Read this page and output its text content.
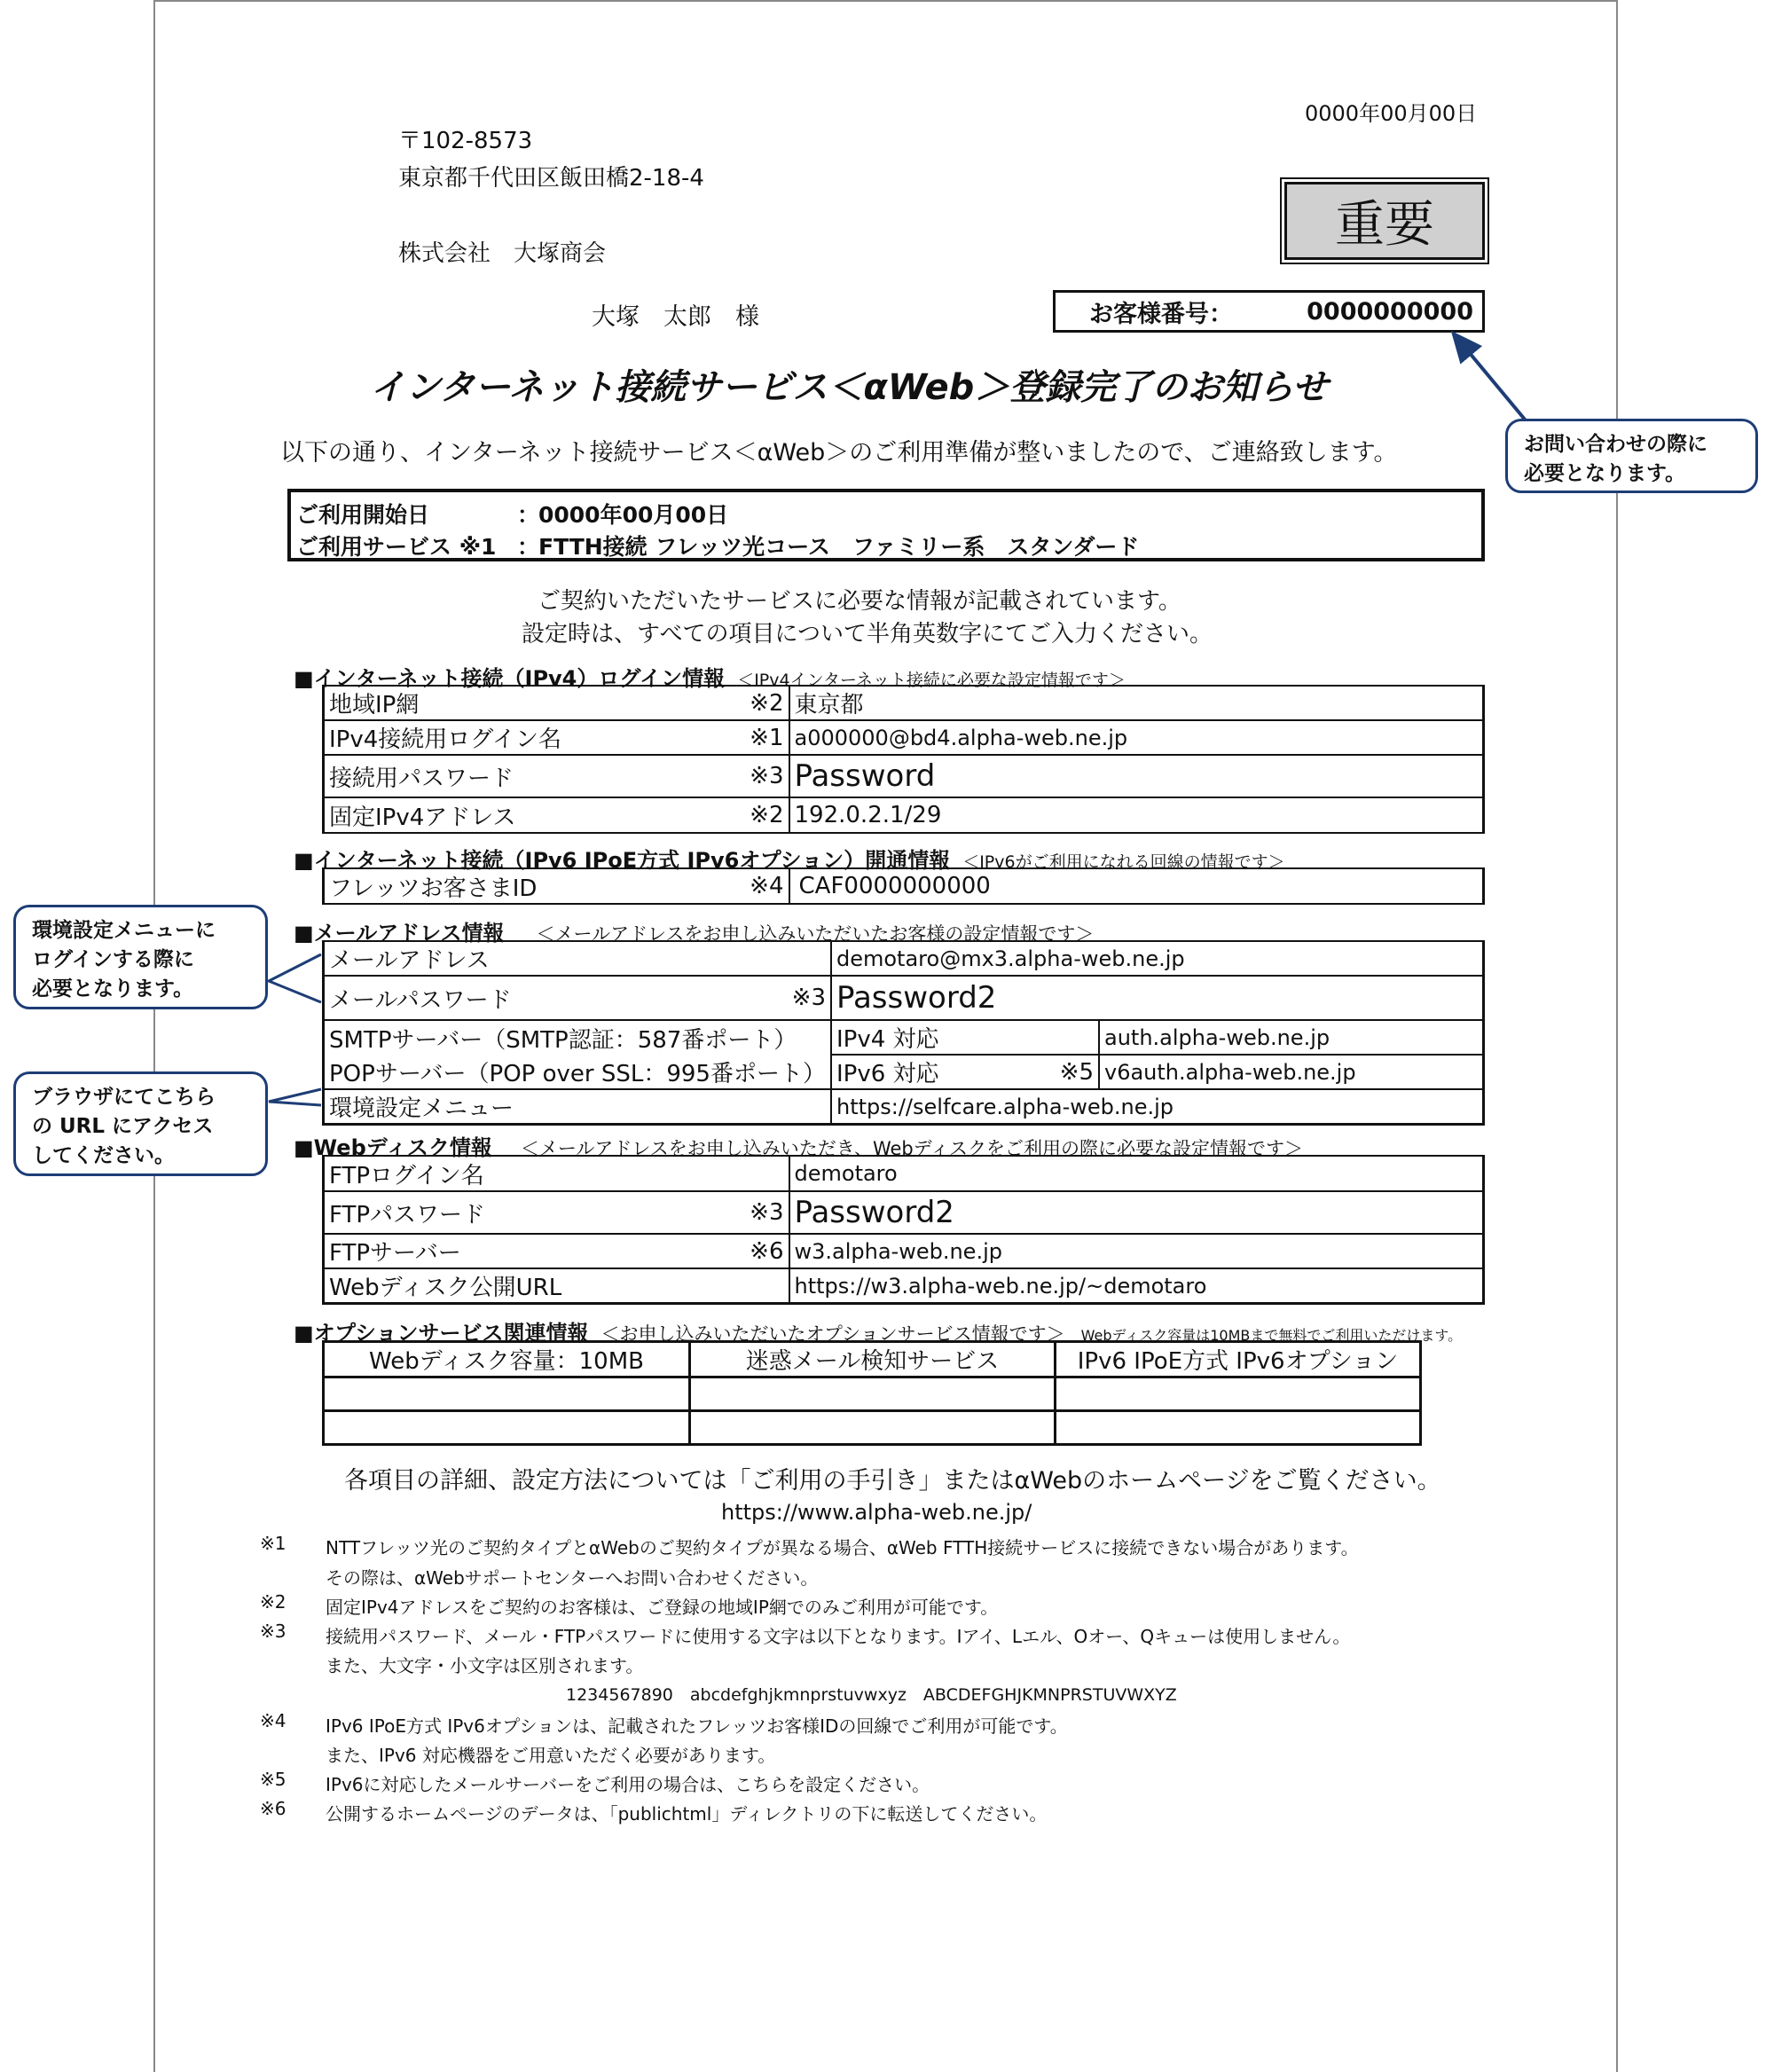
0000年00月00日
〒102-8573
東京都千代田区飯田橋2-18-4
株式会社　大塚商会
大塚　太郎　様
重要
お客様番号：	0000000000
インターネット接続サービス＜αWeb＞登録完了のお知らせ
以下の通り、インターネット接続サービス＜αWeb＞のご利用準備が整いましたので、ご連絡致します。
ご利用開始日	：
0000年00月00日
ご利用サービス ※1 ：
FTTH接続 フレッツ光コース　ファミリー系　スタンダード
ご契約いただいたサービスに必要な情報が記載されています。
設定時は、すべての項目について半角英数字にてご入力ください。
■インターネット接続（IPv4）ログイン情報 ＜IPv4インターネット接続に必要な設定情報です＞
地域IP網 ※2	東京都

IPv4接続用ログイン名 ※1	a000000@bd4.alpha-web.ne.jp

接続用パスワード ※3	Password

固定IPv4アドレス ※2	192.0.2.1/29
■インターネット接続（IPv6 IPoE方式 IPv6オプション）開通情報 ＜IPv6がご利用になれる回線の情報です＞
フレッツお客さまID	※4	CAF0000000000
■メールアドレス情報 ＜メールアドレスをお申し込みいただいたお客様の設定情報です＞
メールアドレス	demotaro@mx3.alpha-web.ne.jp	

メールパスワード ※3	Password2	
SMTPサーバー（SMTP認証：587番ポート）	IPv4 対応	auth.alpha-web.ne.jp
POPサーバー（POP over SSL：995番ポート）	IPv6 対応 ※5	v6auth.alpha-web.ne.jp
環境設定メニュー	https://selfcare.alpha-web.ne.jp	
■Webディスク情報 ＜メールアドレスをお申し込みいただき、Webディスクをご利用の際に必要な設定情報です＞
FTPログイン名	demotaro

FTPパスワード ※3	Password2

FTPサーバー ※6	w3.alpha-web.ne.jp

Webディスク公開URL	https://w3.alpha-web.ne.jp/~demotaro
■オプションサービス関連情報 ＜お申し込みいただいたオプションサービス情報です＞ Webディスク容量は10MBまで無料でご利用いただけます。
Webディスク容量：10MB	迷惑メール検知サービス	IPv6 IPoE方式 IPv6オプション

各項目の詳細、設定方法については「ご利用の手引き」またはαWebのホームページをご覧ください。
https://www.alpha-web.ne.jp/
※1 NTTフレッツ光のご契約タイプとαWebのご契約タイプが異なる場合、αWeb FTTH接続サービスに接続できない場合があります。
その際は、αWebサポートセンターへお問い合わせください。
※2 固定IPv4アドレスをご契約のお客様は、ご登録の地域IP網でのみご利用が可能です。
※3 接続用パスワード、メール・FTPパスワードに使用する文字は以下となります。Iアイ、Lエル、Oオー、Qキューは使用しません。
また、大文字・小文字は区別されます。
1234567890　abcdefghjkmnprstuvwxyz　ABCDEFGHJKMNPRSTUVWXYZ
※4 IPv6 IPoE方式 IPv6オプションは、記載されたフレッツお客様IDの回線でご利用が可能です。
また、IPv6 対応機器をご用意いただく必要があります。
※5 IPv6に対応したメールサーバーをご利用の場合は、こちらを設定ください。
※6 公開するホームページのデータは、「publichtml」ディレクトリの下に転送してください。
お問い合わせの際に
必要となります。
環境設定メニューに
ログインする際に
必要となります。
ブラウザにてこちら
の URL にアクセス
してください。
